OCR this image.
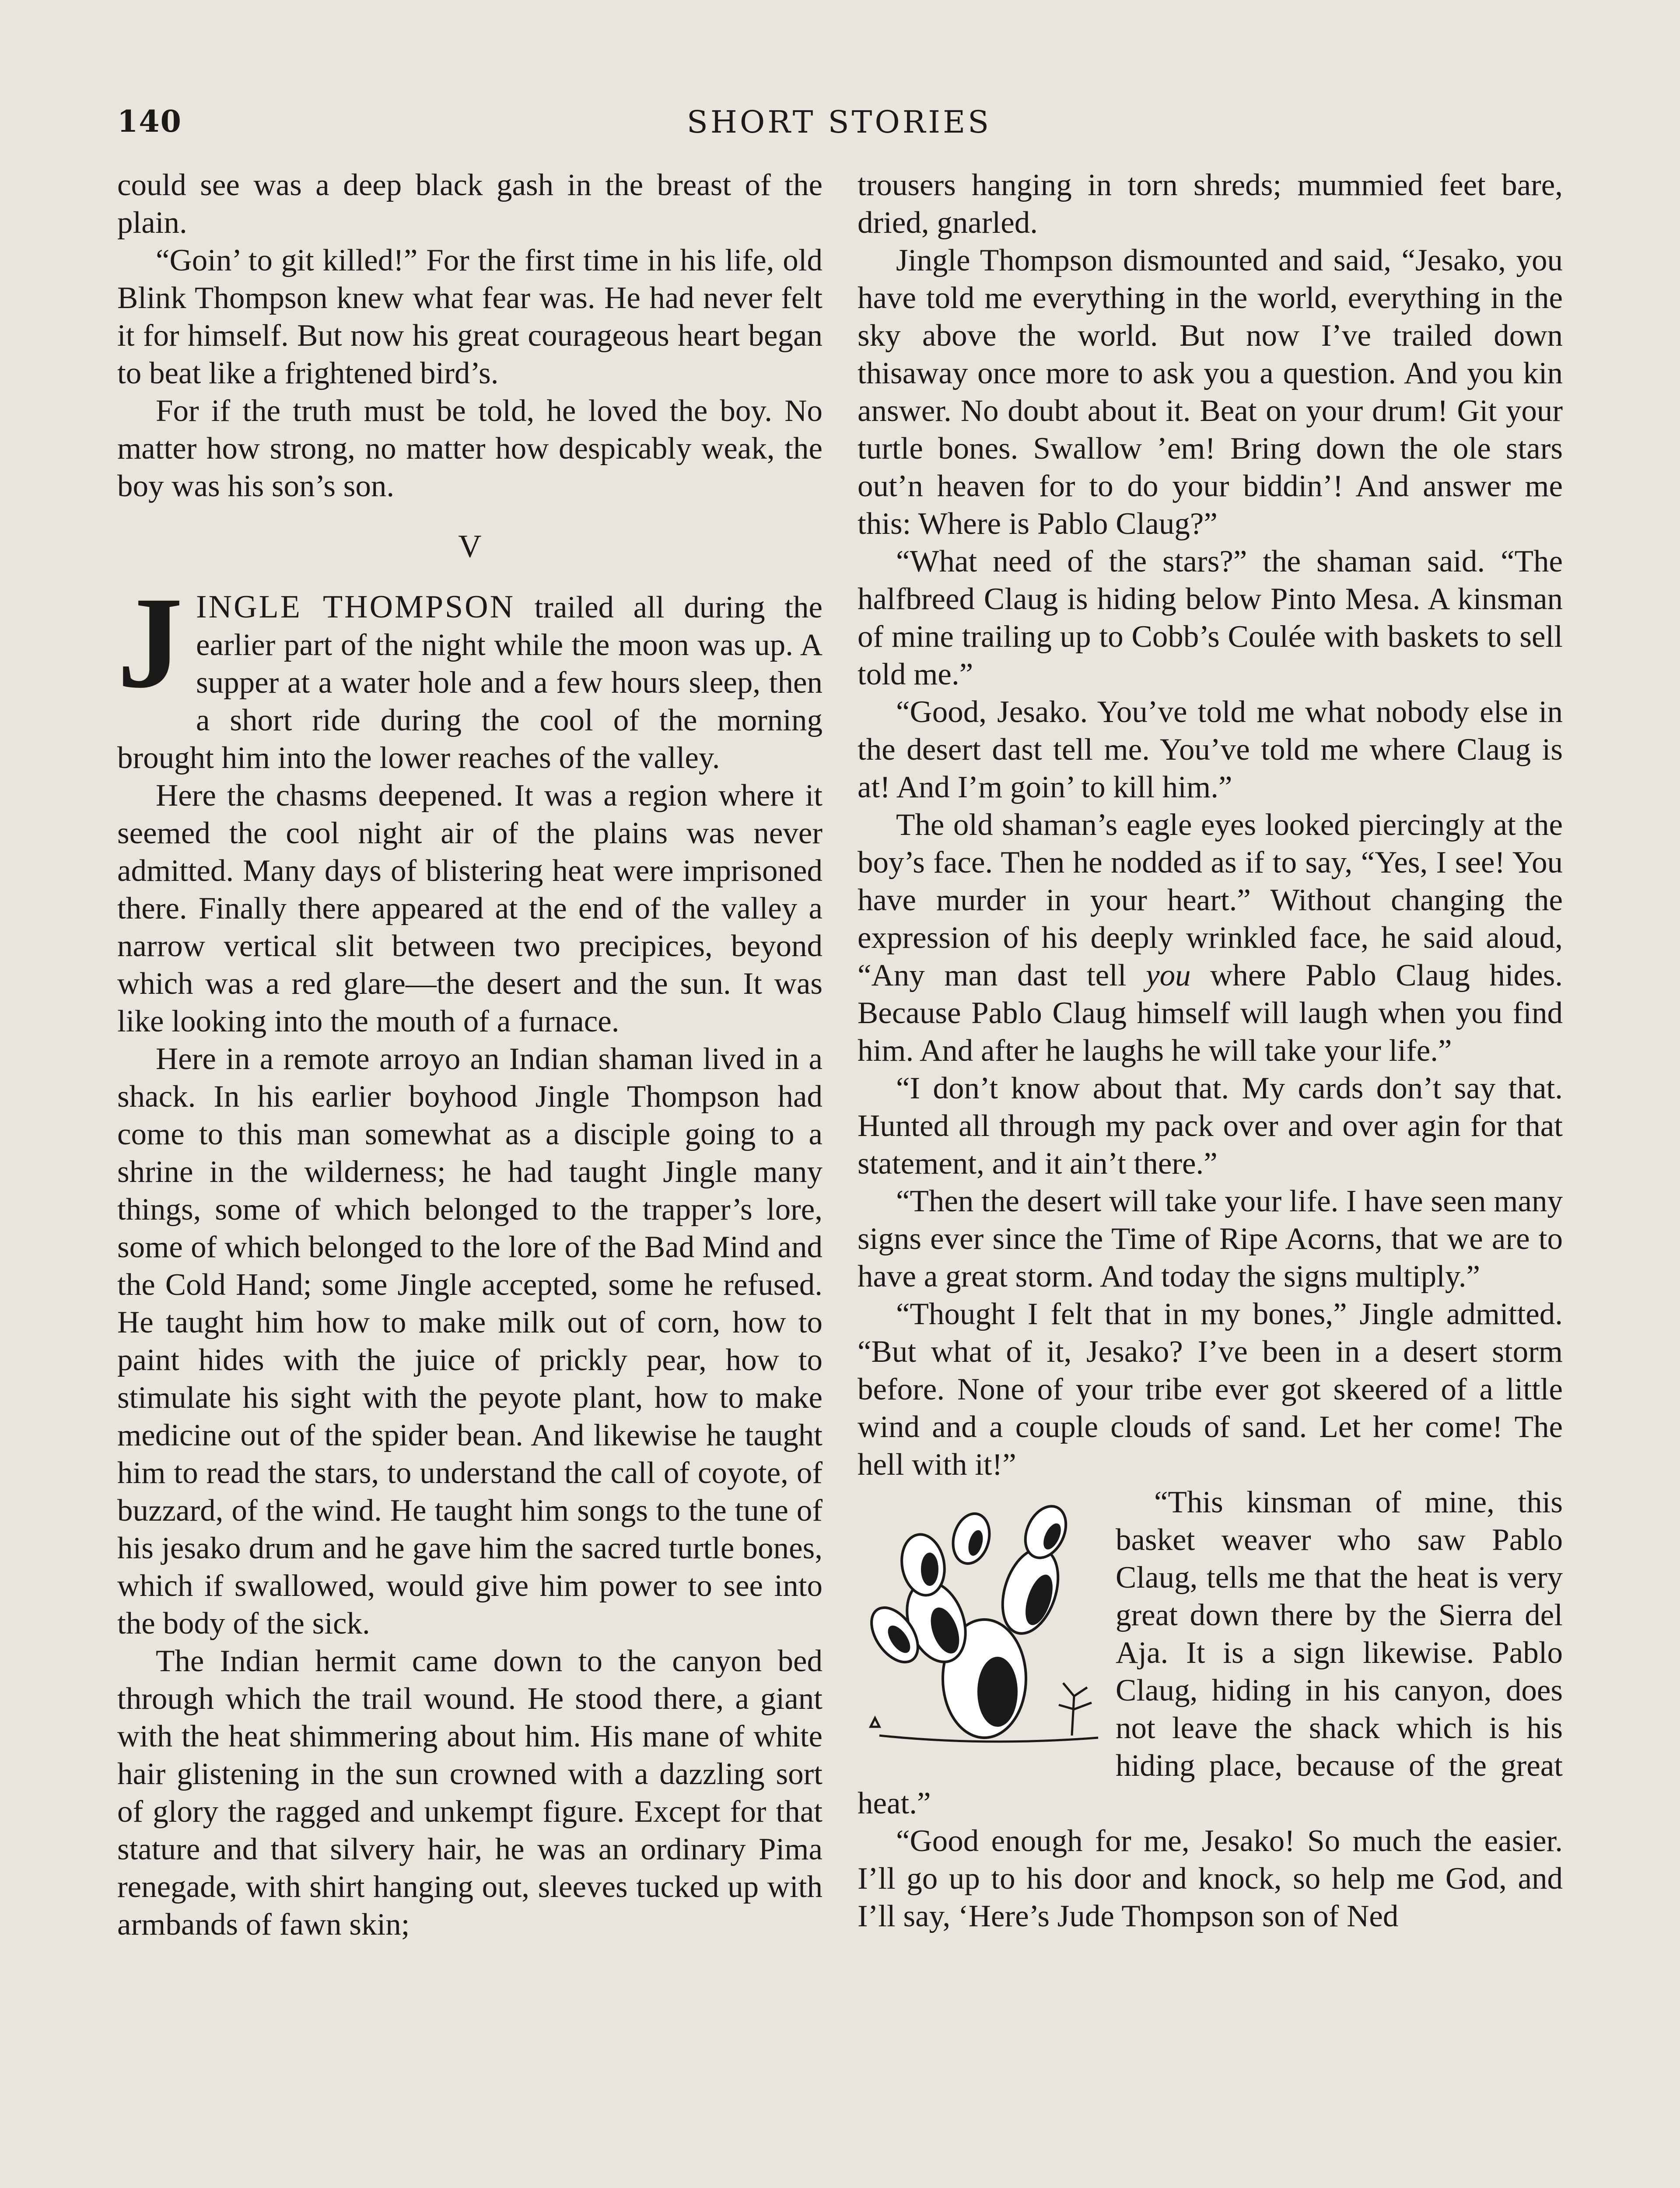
140	SHORT STORIES

could see was a deep black gash in the breast of the plain.

“Goin’ to git killed!” For the first time in his life, old Blink Thompson knew what fear was. He had never felt it for himself. But now his great courageous heart began to beat like a frightened bird’s.

For if the truth must be told, he loved the boy. No matter how strong, no matter how despicably weak, the boy was his son’s son.

V

JINGLE THOMPSON trailed all during the earlier part of the night while the moon was up. A supper at a water hole and a few hours sleep, then a short ride during the cool of the morning brought him into the lower reaches of the valley.

Here the chasms deepened. It was a region where it seemed the cool night air of the plains was never admitted. Many days of blistering heat were imprisoned there. Finally there appeared at the end of the valley a narrow vertical slit between two precipices, beyond which was a red glare—the desert and the sun. It was like looking into the mouth of a furnace.

Here in a remote arroyo an Indian shaman lived in a shack. In his earlier boyhood Jingle Thompson had come to this man somewhat as a disciple going to a shrine in the wilderness; he had taught Jingle many things, some of which belonged to the trapper’s lore, some of which belonged to the lore of the Bad Mind and the Cold Hand; some Jingle accepted, some he refused. He taught him how to make milk out of corn, how to paint hides with the juice of prickly pear, how to stimulate his sight with the peyote plant, how to make medicine out of the spider bean. And likewise he taught him to read the stars, to understand the call of coyote, of buzzard, of the wind. He taught him songs to the tune of his jesako drum and he gave him the sacred turtle bones, which if swallowed, would give him power to see into the body of the sick.

The Indian hermit came down to the canyon bed through which the trail wound. He stood there, a giant with the heat shimmering about him. His mane of white hair glistening in the sun crowned with a dazzling sort of glory the ragged and unkempt figure. Except for that stature and that silvery hair, he was an ordinary Pima renegade, with shirt hanging out, sleeves tucked up with armbands of fawn skin;

trousers hanging in torn shreds; mummied feet bare, dried, gnarled.

Jingle Thompson dismounted and said, “Jesako, you have told me everything in the world, everything in the sky above the world. But now I’ve trailed down thisaway once more to ask you a question. And you kin answer. No doubt about it. Beat on your drum! Git your turtle bones. Swallow ’em! Bring down the ole stars out’n heaven for to do your biddin’! And answer me this: Where is Pablo Claug?”

“What need of the stars?” the shaman said. “The halfbreed Claug is hiding below Pinto Mesa. A kinsman of mine trailing up to Cobb’s Coulée with baskets to sell told me.”

“Good, Jesako. You’ve told me what nobody else in the desert dast tell me. You’ve told me where Claug is at! And I’m goin’ to kill him.”

The old shaman’s eagle eyes looked piercingly at the boy’s face. Then he nodded as if to say, “Yes, I see! You have murder in your heart.” Without changing the expression of his deeply wrinkled face, he said aloud, “Any man dast tell you where Pablo Claug hides. Because Pablo Claug himself will laugh when you find him. And after he laughs he will take your life.”

“I don’t know about that. My cards don’t say that. Hunted all through my pack over and over agin for that statement, and it ain’t there.”

“Then the desert will take your life. I have seen many signs ever since the Time of Ripe Acorns, that we are to have a great storm. And today the signs multiply.”

“Thought I felt that in my bones,” Jingle admitted. “But what of it, Jesako? I’ve been in a desert storm before. None of your tribe ever got skeered of a little wind and a couple clouds of sand. Let her come! The hell with it!”

“This kinsman of mine, this basket weaver who saw Pablo Claug, tells me that the heat is very great down there by the Sierra del Aja. It is a sign likewise. Pablo Claug, hiding in his canyon, does not leave the shack which is his hiding place, because of the great heat.”

“Good enough for me, Jesako! So much the easier. I’ll go up to his door and knock, so help me God, and I’ll say, ‘Here’s Jude Thompson son of Ned
